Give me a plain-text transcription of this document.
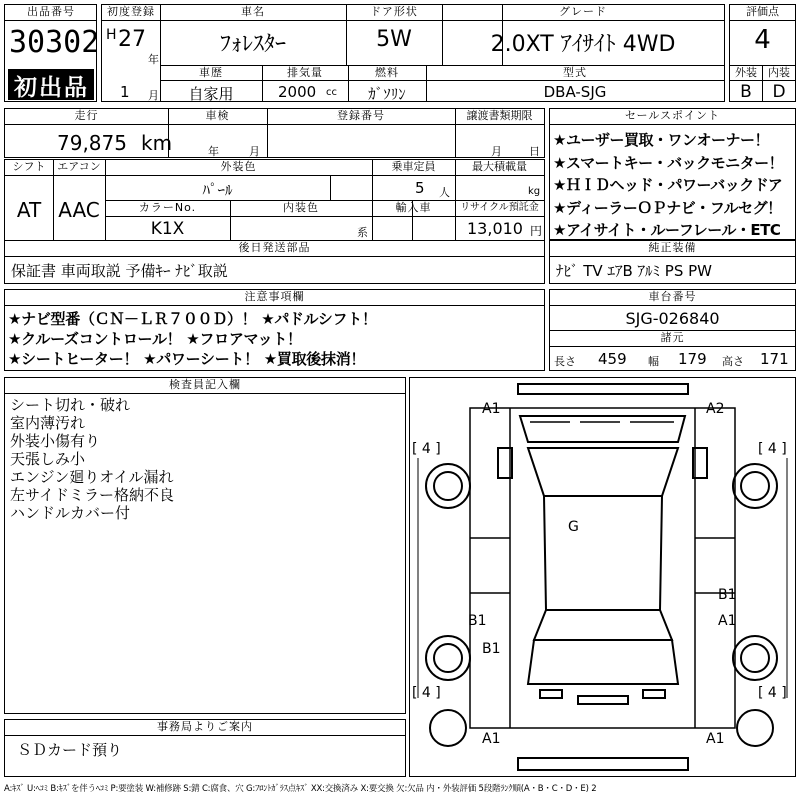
出品番号
30302
初出品
初度登録
H 27
年
1 月
車名
ﾌｫﾚｽﾀｰ
ドア形状
5W
グレード
2.0XT ｱｲｻｲﾄ 4WD
車歴
自家用
排気量
2000 cc
燃料
ｶﾞｿﾘﾝ
型式
DBA-SJG
評価点
4
外装	内装
B	D
走行
79,875 km
車検
年	月
登録番号	譲渡書類期限
月 日
シフト
AT
エアコン
AAC
外装色
ﾊﾟｰﾙ
乗車定員
5 人
最大積載量
kg
カラーNo.
K1X
内装色
系
輸入車	リサイクル預託金
13,010 円
後日発送部品
保証書 車両取説 予備ｷｰ ﾅﾋﾞ取説
セールスポイント
★ユーザー買取・ワンオーナー！
★スマートキー・バックモニター！
★ＨＩＤヘッド・パワーバックドア
★ディーラーＯＰナビ・フルセグ！
★アイサイト・ルーフレール・ETC
純正装備
ﾅﾋﾞ TV ｴｱB ｱﾙﾐ PS PW
注意事項欄
★ナビ型番（ＣＮ－ＬＲ７００Ｄ）！ ★パドルシフト！
★クルーズコントロール！ ★フロアマット！
★シートヒーター！ ★パワーシート！ ★買取後抹消！
車台番号
SJG-026840
諸元
長さ 459 幅 179 高さ 171
検査員記入欄
シート切れ・破れ
室内薄汚れ
外装小傷有り
天張しみ小
エンジン廻りオイル漏れ
左サイドミラー格納不良
ハンドルカバー付
事務局よりご案内
ＳＤカード預り
A1	A2
G
B1
B1
B1
A1
A1	A1
[ 4 ]	[ 4 ]
[ 4 ]	[ 4 ]
A:ｷｽﾞ U:ﾍｺﾐ B:ｷｽﾞを伴うﾍｺﾐ P:要塗装 W:補修跡 S:錆 C:腐食、穴 G:ﾌﾛﾝﾄｶﾞﾗｽ点ｷｽﾞ XX:交換済み X:要交換 欠:欠品 内・外装評価 5段階ﾗﾝｸ順(A・B・C・D・E) 2
